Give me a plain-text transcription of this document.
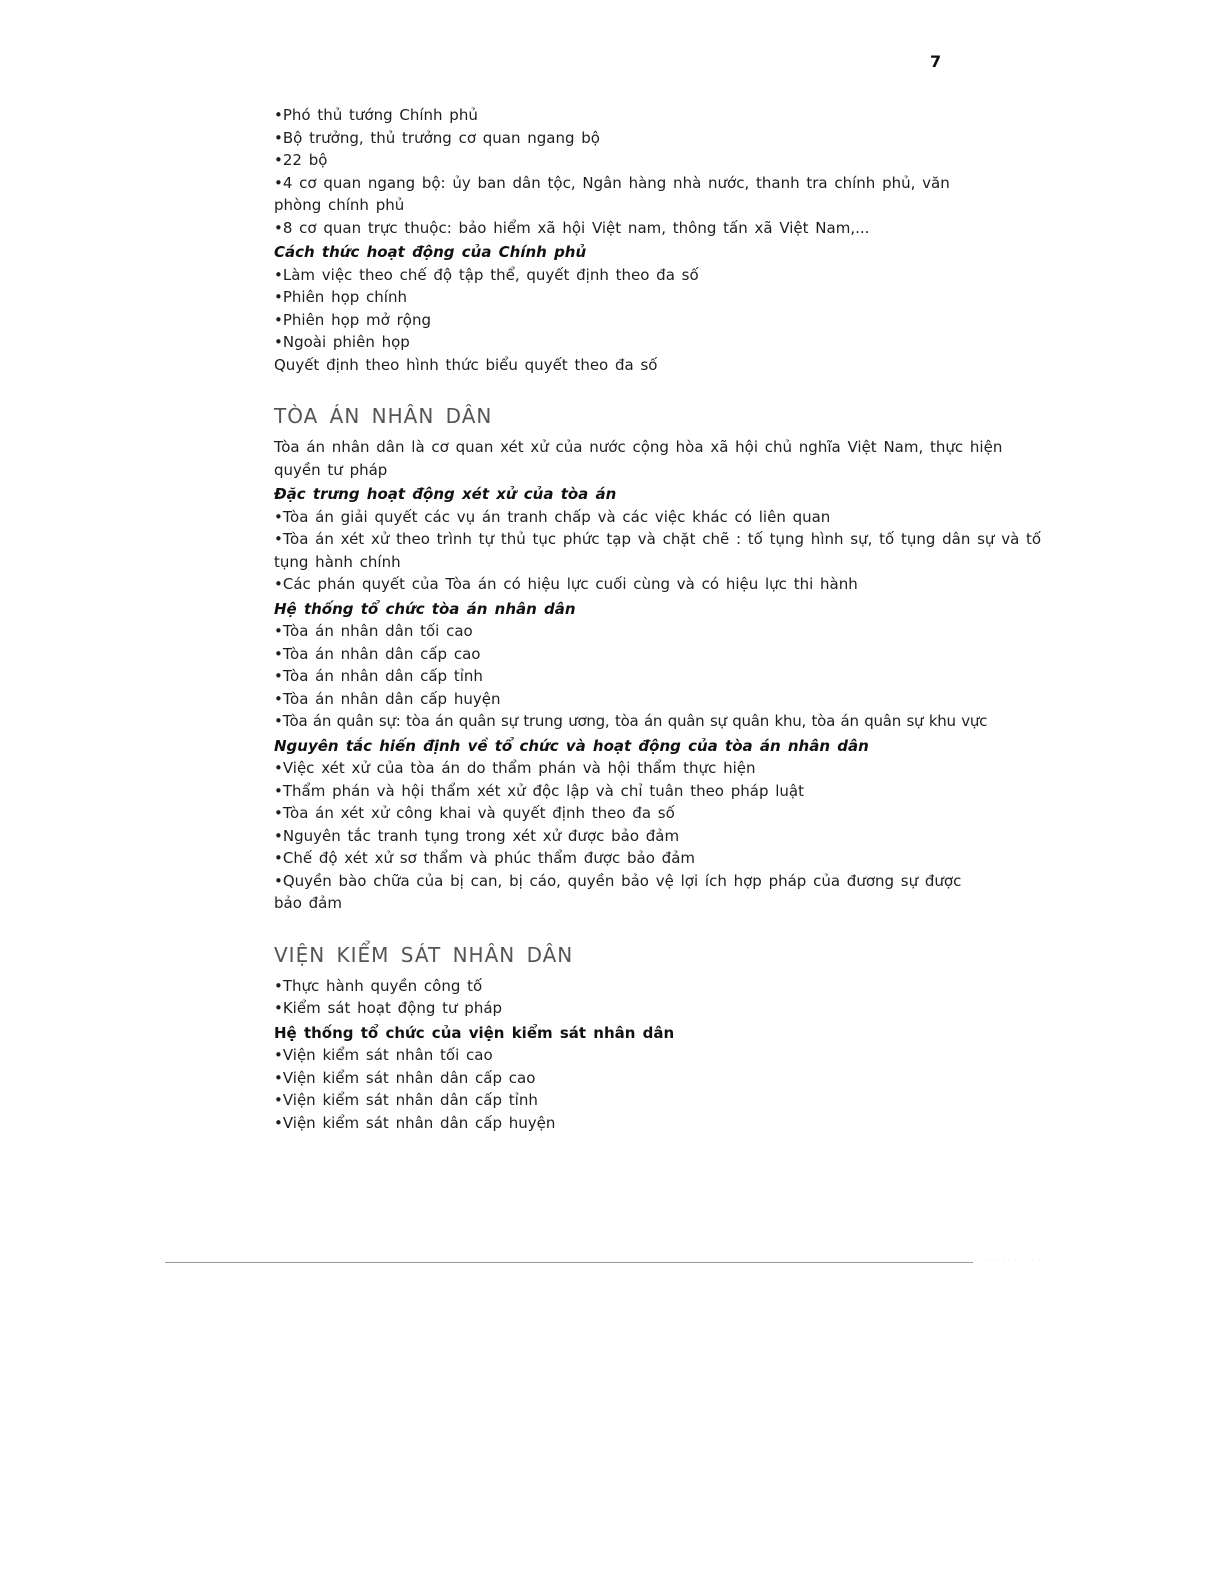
7
•Phó thủ tướng Chính phủ
•Bộ trưởng, thủ trưởng cơ quan ngang bộ
•22 bộ
•4 cơ quan ngang bộ: ủy ban dân tộc, Ngân hàng nhà nước, thanh tra chính phủ, văn phòng chính phủ
•8 cơ quan trực thuộc: bảo hiểm xã hội Việt nam, thông tấn xã Việt Nam,...
Cách thức hoạt động của Chính phủ
•Làm việc theo chế độ tập thể, quyết định theo đa số
•Phiên họp chính
•Phiên họp mở rộng
•Ngoài phiên họp
Quyết định theo hình thức biểu quyết theo đa số
TÒA ÁN NHÂN DÂN
Tòa án nhân dân là cơ quan xét xử của nước cộng hòa xã hội chủ nghĩa Việt Nam, thực hiện quyền tư pháp
Đặc trưng hoạt động xét xử của tòa án
•Tòa án giải quyết các vụ án tranh chấp và các việc khác có liên quan
•Tòa án xét xử theo trình tự thủ tục phức tạp và chặt chẽ : tố tụng hình sự, tố tụng dân sự và tố tụng hành chính
•Các phán quyết của Tòa án có hiệu lực cuối cùng và có hiệu lực thi hành
Hệ thống tổ chức tòa án nhân dân
•Tòa án nhân dân tối cao
•Tòa án nhân dân cấp cao
•Tòa án nhân dân cấp tỉnh
•Tòa án nhân dân cấp huyện
•Tòa án quân sự: tòa án quân sự trung ương, tòa án quân sự quân khu, tòa án quân sự khu vực
Nguyên tắc hiến định về tổ chức và hoạt động của tòa án nhân dân
•Việc xét xử của tòa án do thẩm phán và hội thẩm thực hiện
•Thẩm phán và hội thẩm xét xử độc lập và chỉ tuân theo pháp luật
•Tòa án xét xử công khai và quyết định theo đa số
•Nguyên tắc tranh tụng trong xét xử được bảo đảm
•Chế độ xét xử sơ thẩm và phúc thẩm được bảo đảm
•Quyền bào chữa của bị can, bị cáo, quyền bảo vệ lợi ích hợp pháp của đương sự được bảo đảm
VIỆN KIỂM SÁT NHÂN DÂN
•Thực hành quyền công tố
•Kiểm sát hoạt động tư pháp
Hệ thống tổ chức của viện kiểm sát nhân dân
•Viện kiểm sát nhân tối cao
•Viện kiểm sát nhân dân cấp cao
•Viện kiểm sát nhân dân cấp tỉnh
•Viện kiểm sát nhân dân cấp huyện
· · · · · · · · · ·
